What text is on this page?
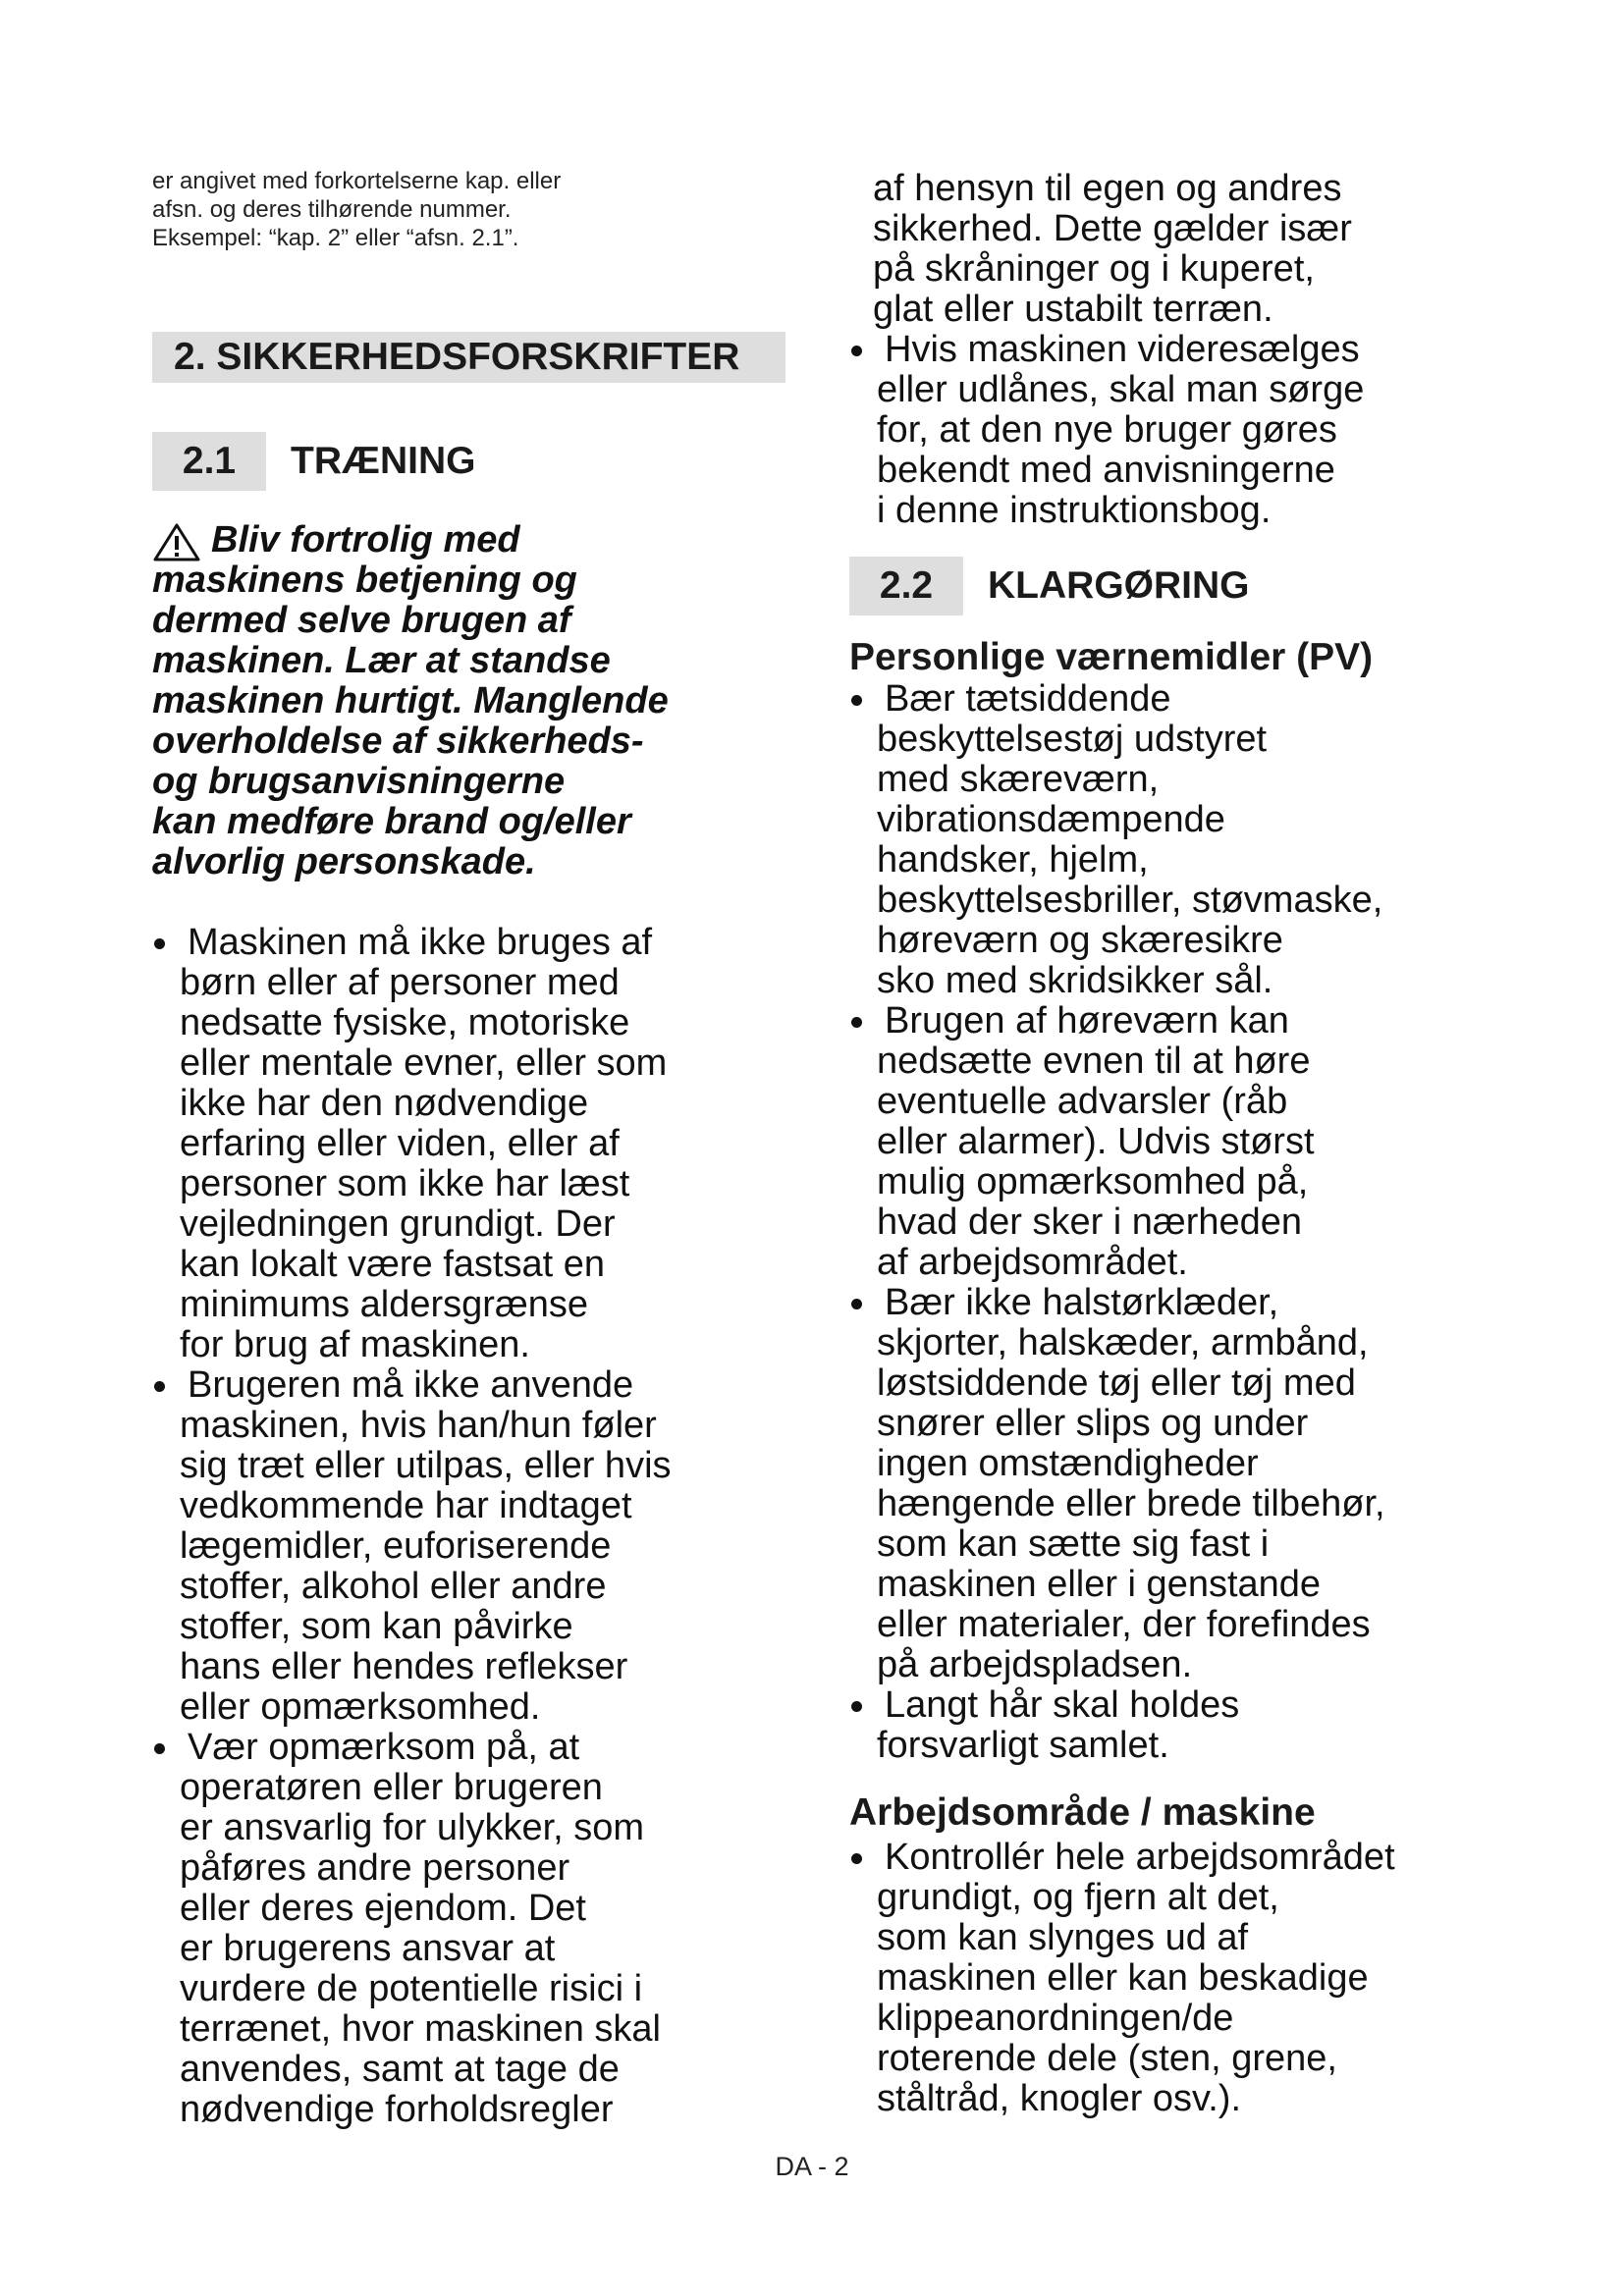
er angivet med forkortelserne kap. eller
afsn. og deres tilhørende nummer.
Eksempel: “kap. 2” eller “afsn. 2.1”.
2. SIKKERHEDSFORSKRIFTER
2.1 TRÆNING
Bliv fortrolig med
maskinens betjening og
dermed selve brugen af
maskinen. Lær at standse
maskinen hurtigt. Manglende
overholdelse af sikkerheds-
og brugsanvisningerne
kan medføre brand og/eller
alvorlig personskade.
Maskinen må ikke bruges af
børn eller af personer med
nedsatte fysiske, motoriske
eller mentale evner, eller som
ikke har den nødvendige
erfaring eller viden, eller af
personer som ikke har læst
vejledningen grundigt. Der
kan lokalt være fastsat en
minimums aldersgrænse
for brug af maskinen.
Brugeren må ikke anvende
maskinen, hvis han/hun føler
sig træt eller utilpas, eller hvis
vedkommende har indtaget
lægemidler, euforiserende
stoffer, alkohol eller andre
stoffer, som kan påvirke
hans eller hendes reflekser
eller opmærksomhed.
Vær opmærksom på, at
operatøren eller brugeren
er ansvarlig for ulykker, som
påføres andre personer
eller deres ejendom. Det
er brugerens ansvar at
vurdere de potentielle risici i
terrænet, hvor maskinen skal
anvendes, samt at tage de
nødvendige forholdsregler
af hensyn til egen og andres
sikkerhed. Dette gælder især
på skråninger og i kuperet,
glat eller ustabilt terræn.
Hvis maskinen videresælges
eller udlånes, skal man sørge
for, at den nye bruger gøres
bekendt med anvisningerne
i denne instruktionsbog.
2.2 KLARGØRING
Personlige værnemidler (PV)
Bær tætsiddende
beskyttelsestøj udstyret
med skæreværn,
vibrationsdæmpende
handsker, hjelm,
beskyttelsesbriller, støvmaske,
høreværn og skæresikre
sko med skridsikker sål.
Brugen af høreværn kan
nedsætte evnen til at høre
eventuelle advarsler (råb
eller alarmer). Udvis størst
mulig opmærksomhed på,
hvad der sker i nærheden
af arbejdsområdet.
Bær ikke halstørklæder,
skjorter, halskæder, armbånd,
løstsiddende tøj eller tøj med
snører eller slips og under
ingen omstændigheder
hængende eller brede tilbehør,
som kan sætte sig fast i
maskinen eller i genstande
eller materialer, der forefindes
på arbejdspladsen.
Langt hår skal holdes
forsvarligt samlet.
Arbejdsområde / maskine
Kontrollér hele arbejdsområdet
grundigt, og fjern alt det,
som kan slynges ud af
maskinen eller kan beskadige
klippeanordningen/de
roterende dele (sten, grene,
ståltråd, knogler osv.).
DA - 2
